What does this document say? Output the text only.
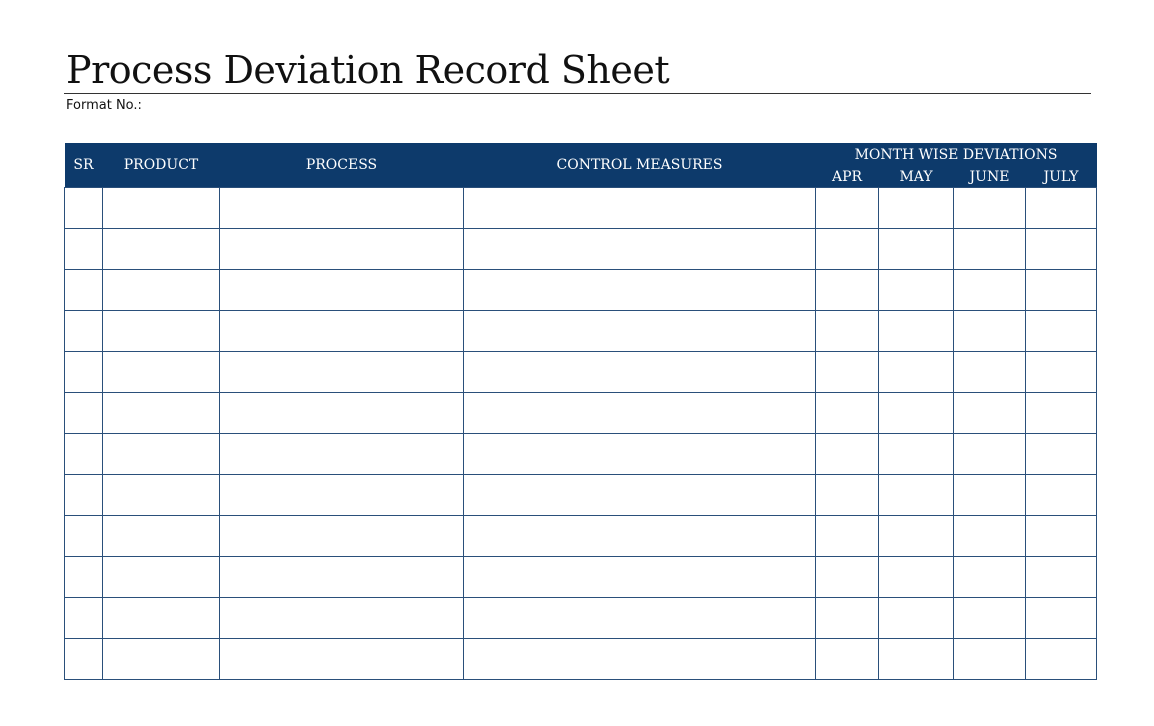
Process Deviation Record Sheet
Format No.:
SR	PRODUCT	PROCESS	CONTROL MEASURES	MONTH WISE DEVIATIONS			
				APR	MAY	JUNE	JULY
